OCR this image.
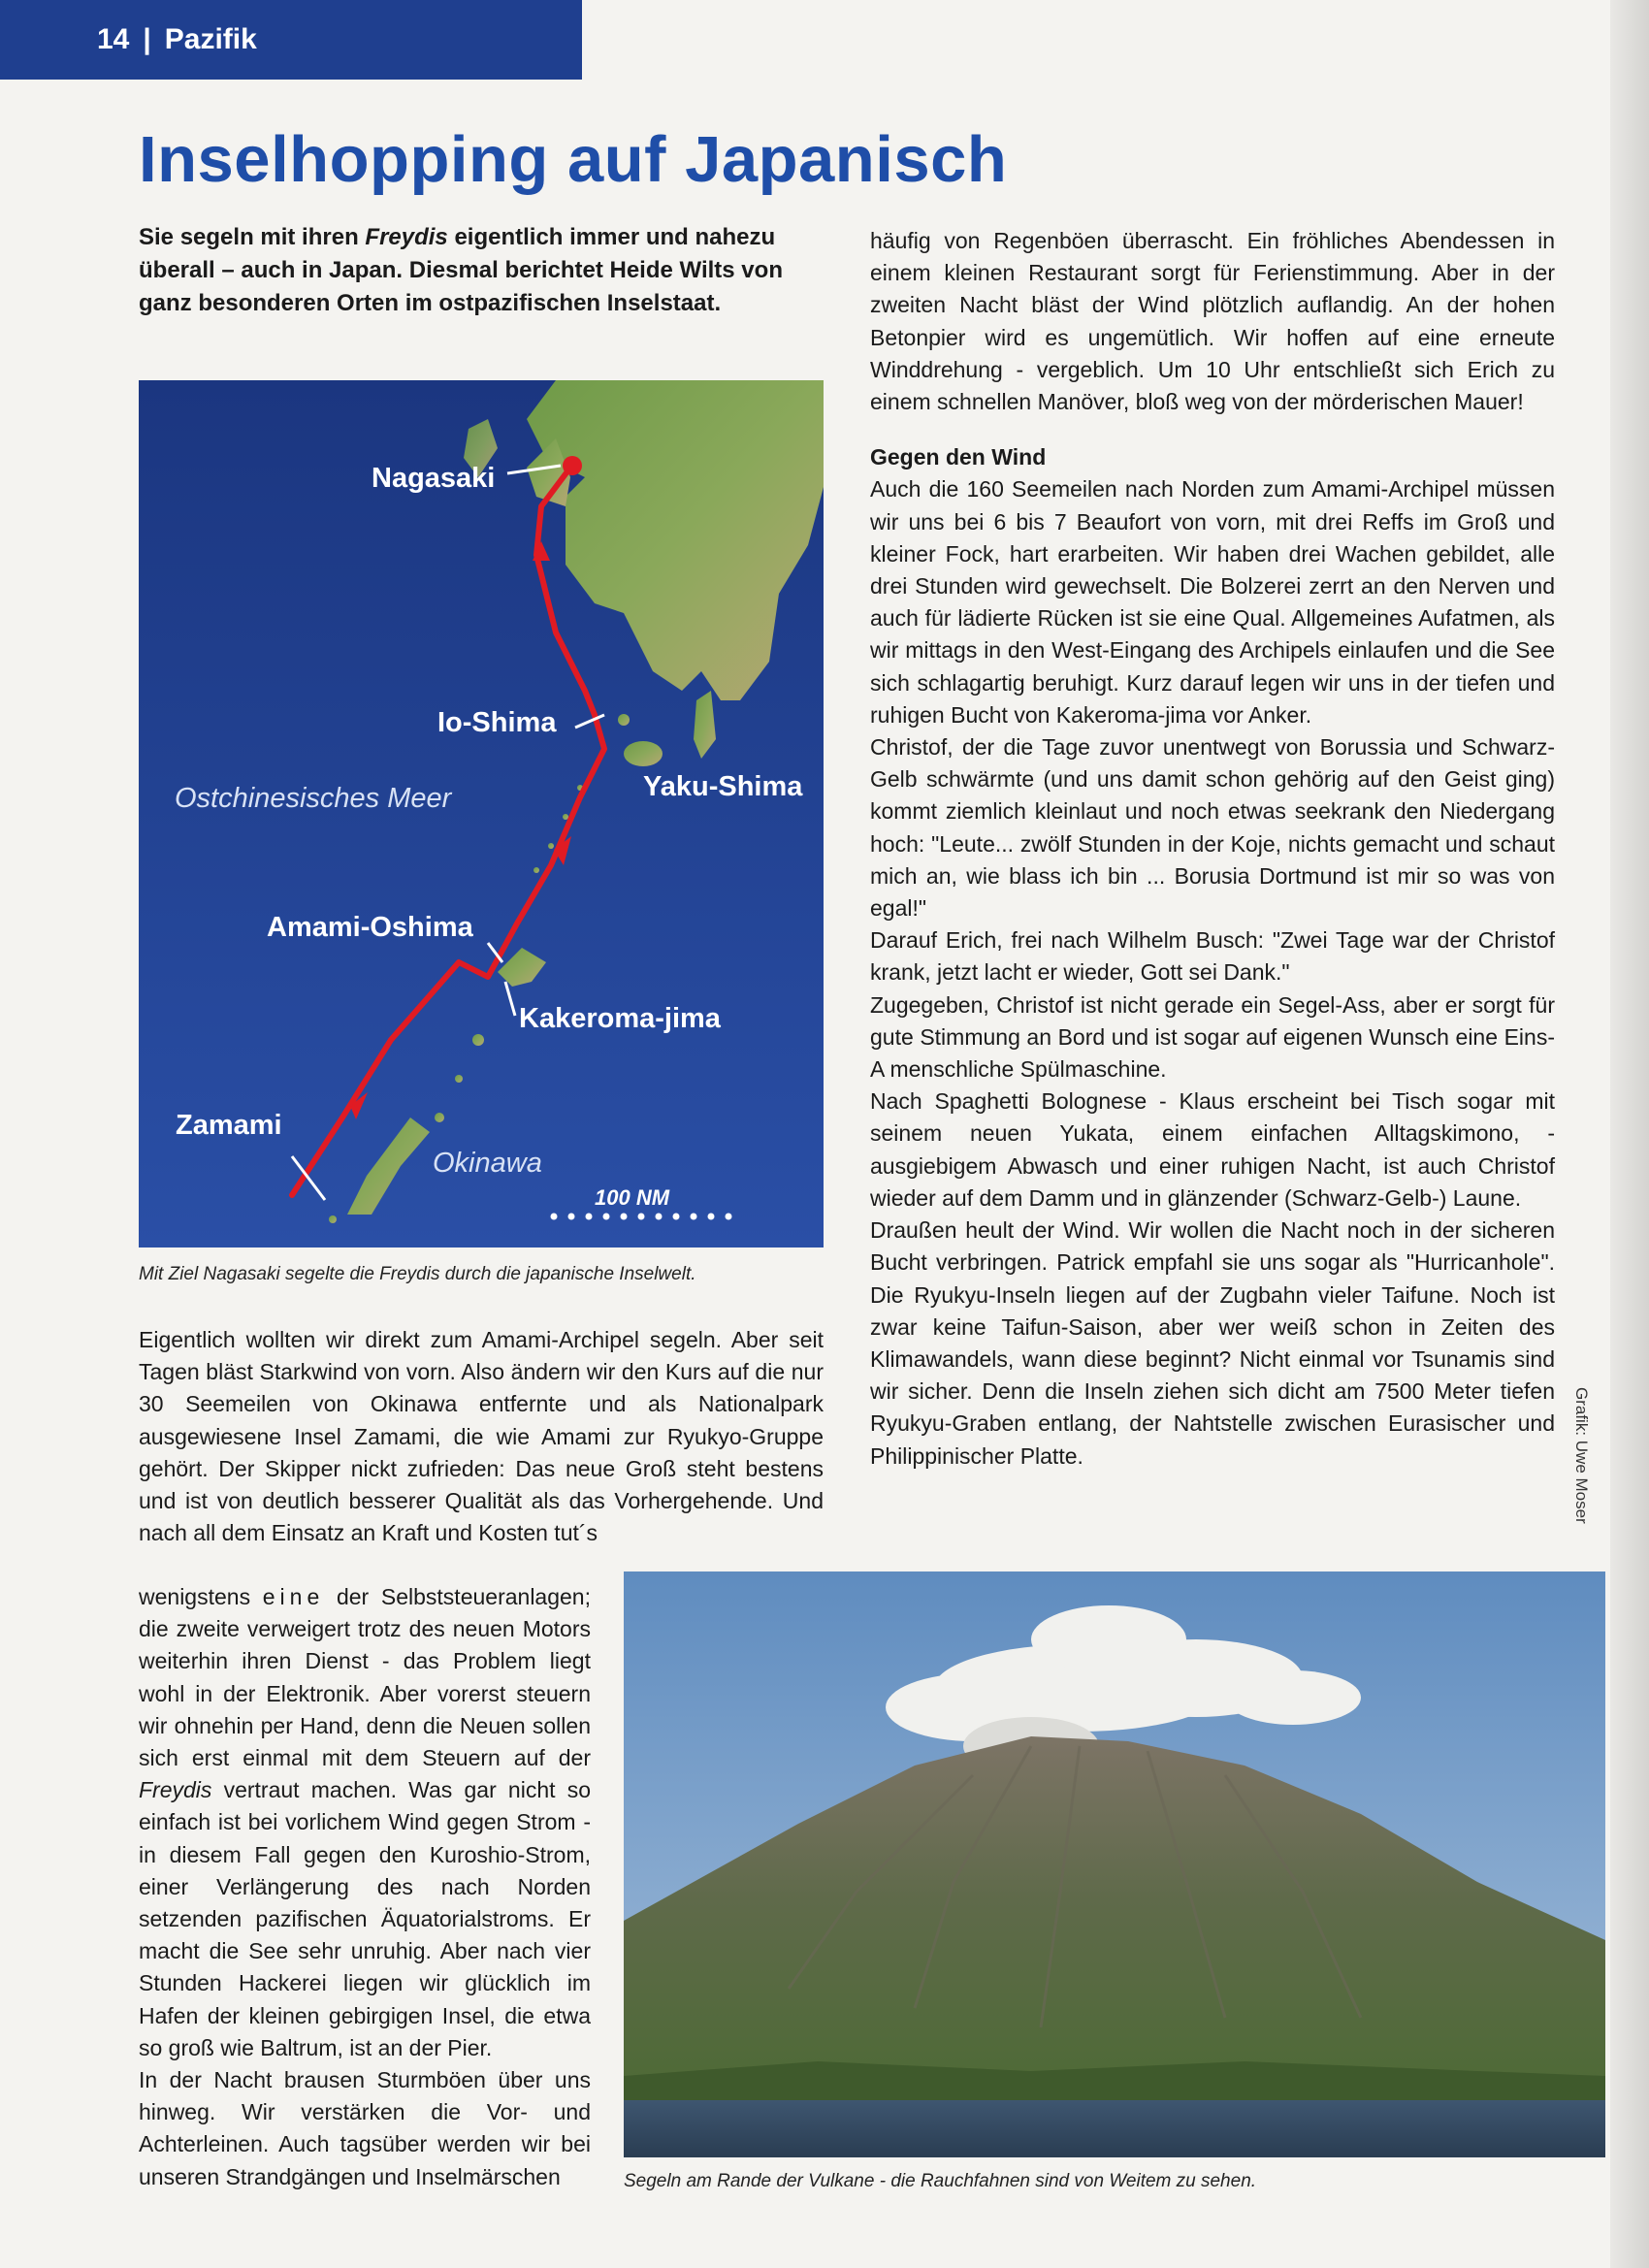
14 | Pazifik
Inselhopping auf Japanisch

Sie segeln mit ihren Freydis eigentlich immer und nahezu überall – auch in Japan. Diesmal berichtet Heide Wilts von ganz besonderen Orten im ostpazifischen Inselstaat.

Nagasaki
Io-Shima
Yaku-Shima
Ostchinesisches Meer
Amami-Oshima
Kakeroma-jima
Zamami
Okinawa
100 NM
Mit Ziel Nagasaki segelte die Freydis durch die japanische Inselwelt.

häufig von Regenböen überrascht. Ein fröhliches Abendessen in einem kleinen Restaurant sorgt für Ferienstimmung. Aber in der zweiten Nacht bläst der Wind plötzlich auflandig. An der hohen Betonpier wird es ungemütlich. Wir hoffen auf eine erneute Winddrehung - vergeblich. Um 10 Uhr entschließt sich Erich zu einem schnellen Manöver, bloß weg von der mörderischen Mauer!

Gegen den Wind

Auch die 160 Seemeilen nach Norden zum Amami-Archipel müssen wir uns bei 6 bis 7 Beaufort von vorn, mit drei Reffs im Groß und kleiner Fock, hart erarbeiten. Wir haben drei Wachen gebildet, alle drei Stunden wird gewechselt. Die Bolzerei zerrt an den Nerven und auch für lädierte Rücken ist sie eine Qual. Allgemeines Aufatmen, als wir mittags in den West-Eingang des Archipels einlaufen und die See sich schlagartig beruhigt. Kurz darauf legen wir uns in der tiefen und ruhigen Bucht von Kakeroma-jima vor Anker.

Christof, der die Tage zuvor unentwegt von Borussia und Schwarz-Gelb schwärmte (und uns damit schon gehörig auf den Geist ging) kommt ziemlich kleinlaut und noch etwas seekrank den Niedergang hoch: "Leute... zwölf Stunden in der Koje, nichts gemacht und schaut mich an, wie blass ich bin ... Borusia Dortmund ist mir so was von egal!"

Darauf Erich, frei nach Wilhelm Busch: "Zwei Tage war der Christof krank, jetzt lacht er wieder, Gott sei Dank."

Zugegeben, Christof ist nicht gerade ein Segel-Ass, aber er sorgt für gute Stimmung an Bord und ist sogar auf eigenen Wunsch eine Eins-A menschliche Spülmaschine.

Nach Spaghetti Bolognese - Klaus erscheint bei Tisch sogar mit seinem neuen Yukata, einem einfachen Alltagskimono, - ausgiebigem Abwasch und einer ruhigen Nacht, ist auch Christof wieder auf dem Damm und in glänzender (Schwarz-Gelb-) Laune.

Draußen heult der Wind. Wir wollen die Nacht noch in der sicheren Bucht verbringen. Patrick empfahl sie uns sogar als "Hurricanhole". Die Ryukyu-Inseln liegen auf der Zugbahn vieler Taifune. Noch ist zwar keine Taifun-Saison, aber wer weiß schon in Zeiten des Klimawandels, wann diese beginnt? Nicht einmal vor Tsunamis sind wir sicher. Denn die Inseln ziehen sich dicht am 7500 Meter tiefen Ryukyu-Graben entlang, der Nahtstelle zwischen Eurasischer und Philippinischer Platte.

Eigentlich wollten wir direkt zum Amami-Archipel segeln. Aber seit Tagen bläst Starkwind von vorn. Also ändern wir den Kurs auf die nur 30 Seemeilen von Okinawa entfernte und als Nationalpark ausgewiesene Insel Zamami, die wie Amami zur Ryukyo-Gruppe gehört. Der Skipper nickt zufrieden: Das neue Groß steht bestens und ist von deutlich besserer Qualität als das Vorhergehende. Und nach all dem Einsatz an Kraft und Kosten tut´s

wenigstens eine der Selbststeueranlagen; die zweite verweigert trotz des neuen Motors weiterhin ihren Dienst - das Problem liegt wohl in der Elektronik. Aber vorerst steuern wir ohnehin per Hand, denn die Neuen sollen sich erst einmal mit dem Steuern auf der Freydis vertraut machen. Was gar nicht so einfach ist bei vorlichem Wind gegen Strom - in diesem Fall gegen den Kuroshio-Strom, einer Verlängerung des nach Norden setzenden pazifischen Äquatorialstroms. Er macht die See sehr unruhig. Aber nach vier Stunden Hackerei liegen wir glücklich im Hafen der kleinen gebirgigen Insel, die etwa so groß wie Baltrum, ist an der Pier.

In der Nacht brausen Sturmböen über uns hinweg. Wir verstärken die Vor- und Achterleinen. Auch tagsüber werden wir bei unseren Strandgängen und Inselmärschen	Segeln am Rande der Vulkane - die Rauchfahnen sind von Weitem zu sehen.
Grafik: Uwe Moser
